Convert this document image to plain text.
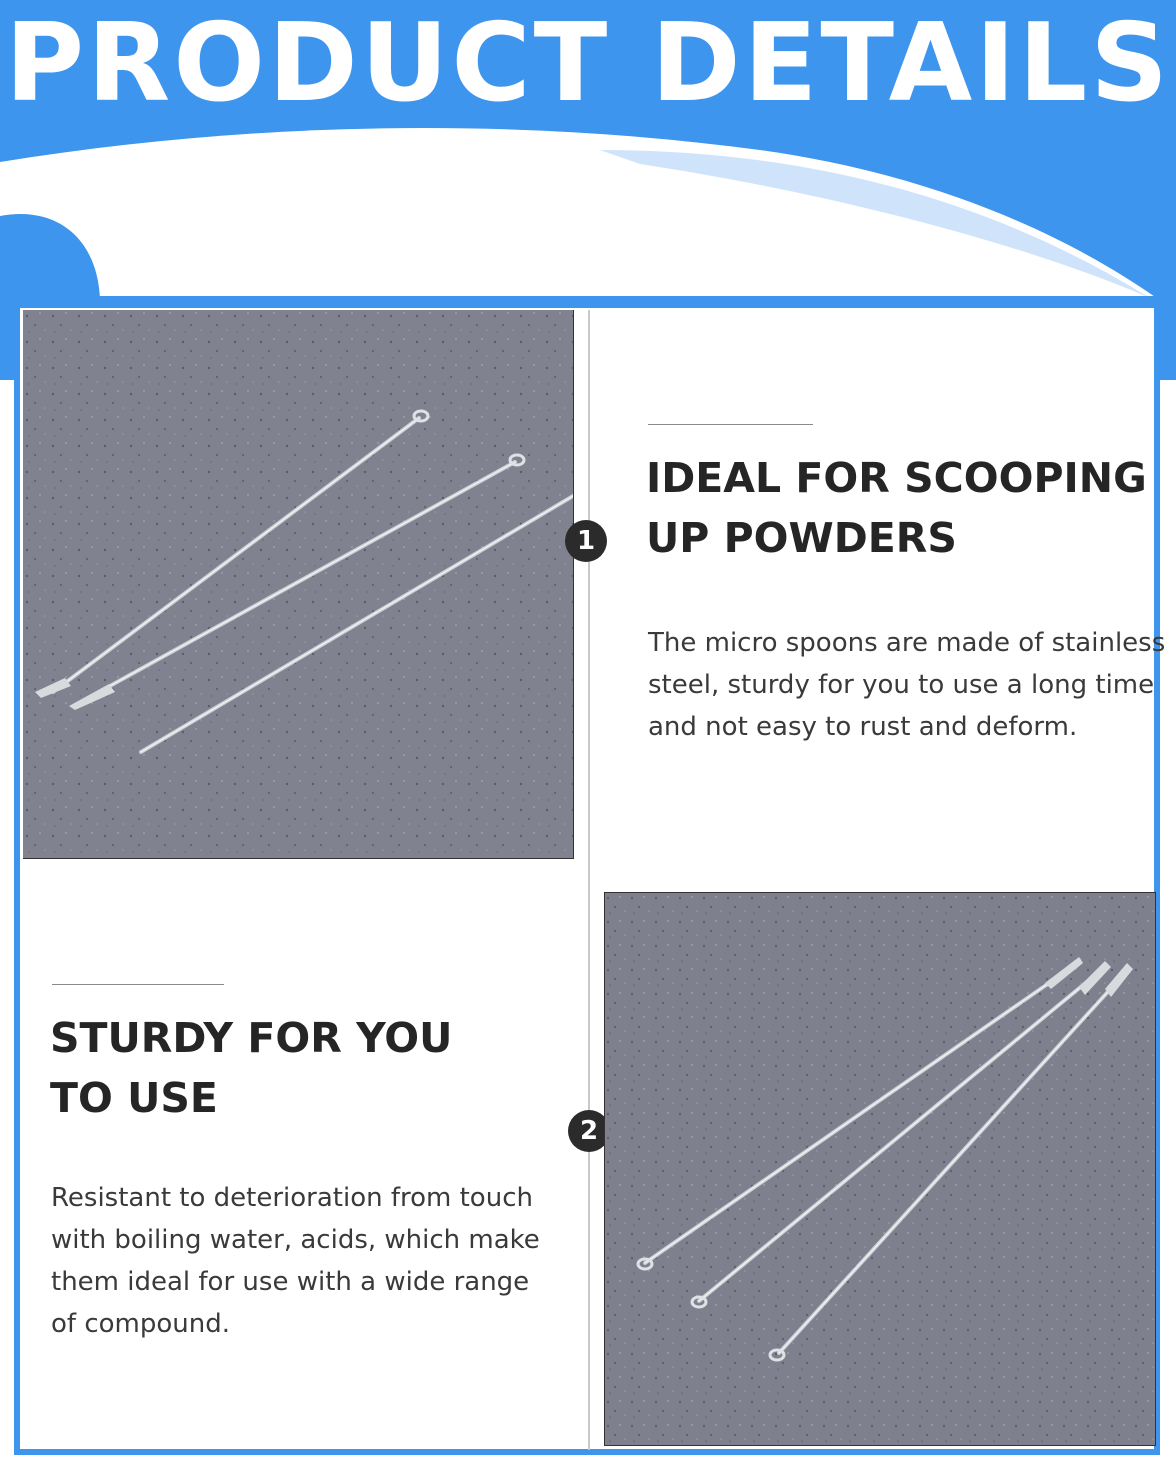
PRODUCT DETAILS
IDEAL FOR SCOOPING
UP POWDERS
The micro spoons are made of stainless
steel, sturdy for you to use a long time
and not easy to rust and deform.
1
STURDY FOR YOU
TO USE
Resistant to deterioration from touch
with boiling water, acids, which make
them ideal for use with a wide range
of compound.
2
